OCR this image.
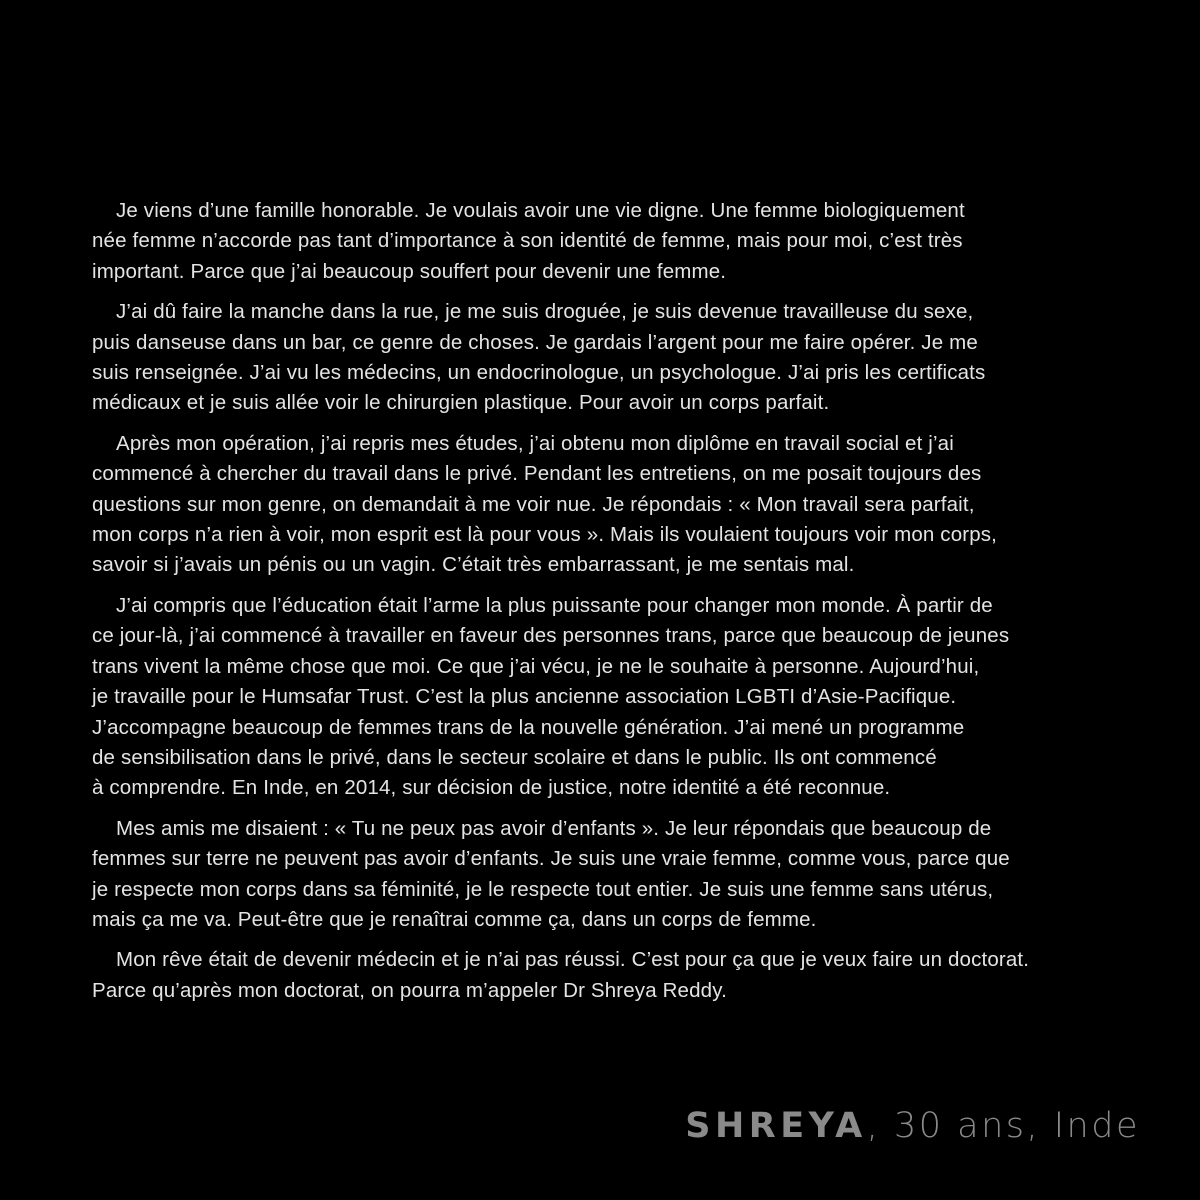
Je viens d’une famille honorable. Je voulais avoir une vie digne. Une femme biologiquement
née femme n’accorde pas tant d’importance à son identité de femme, mais pour moi, c’est très
important. Parce que j’ai beaucoup souffert pour devenir une femme.

J’ai dû faire la manche dans la rue, je me suis droguée, je suis devenue travailleuse du sexe,
puis danseuse dans un bar, ce genre de choses. Je gardais l’argent pour me faire opérer. Je me
suis renseignée. J’ai vu les médecins, un endocrinologue, un psychologue. J’ai pris les certificats
médicaux et je suis allée voir le chirurgien plastique. Pour avoir un corps parfait.

Après mon opération, j’ai repris mes études, j’ai obtenu mon diplôme en travail social et j’ai
commencé à chercher du travail dans le privé. Pendant les entretiens, on me posait toujours des
questions sur mon genre, on demandait à me voir nue. Je répondais : « Mon travail sera parfait,
mon corps n’a rien à voir, mon esprit est là pour vous ». Mais ils voulaient toujours voir mon corps,
savoir si j’avais un pénis ou un vagin. C’était très embarrassant, je me sentais mal.

J’ai compris que l’éducation était l’arme la plus puissante pour changer mon monde. À partir de
ce jour-là, j’ai commencé à travailler en faveur des personnes trans, parce que beaucoup de jeunes
trans vivent la même chose que moi. Ce que j’ai vécu, je ne le souhaite à personne. Aujourd’hui,
je travaille pour le Humsafar Trust. C’est la plus ancienne association LGBTI d’Asie-Pacifique.
J’accompagne beaucoup de femmes trans de la nouvelle génération. J’ai mené un programme
de sensibilisation dans le privé, dans le secteur scolaire et dans le public. Ils ont commencé
à comprendre. En Inde, en 2014, sur décision de justice, notre identité a été reconnue.

Mes amis me disaient : « Tu ne peux pas avoir d’enfants ». Je leur répondais que beaucoup de
femmes sur terre ne peuvent pas avoir d’enfants. Je suis une vraie femme, comme vous, parce que
je respecte mon corps dans sa féminité, je le respecte tout entier. Je suis une femme sans utérus,
mais ça me va. Peut-être que je renaîtrai comme ça, dans un corps de femme.

Mon rêve était de devenir médecin et je n’ai pas réussi. C’est pour ça que je veux faire un doctorat.
Parce qu’après mon doctorat, on pourra m’appeler Dr Shreya Reddy.

SHREYA, 30 ans, Inde
